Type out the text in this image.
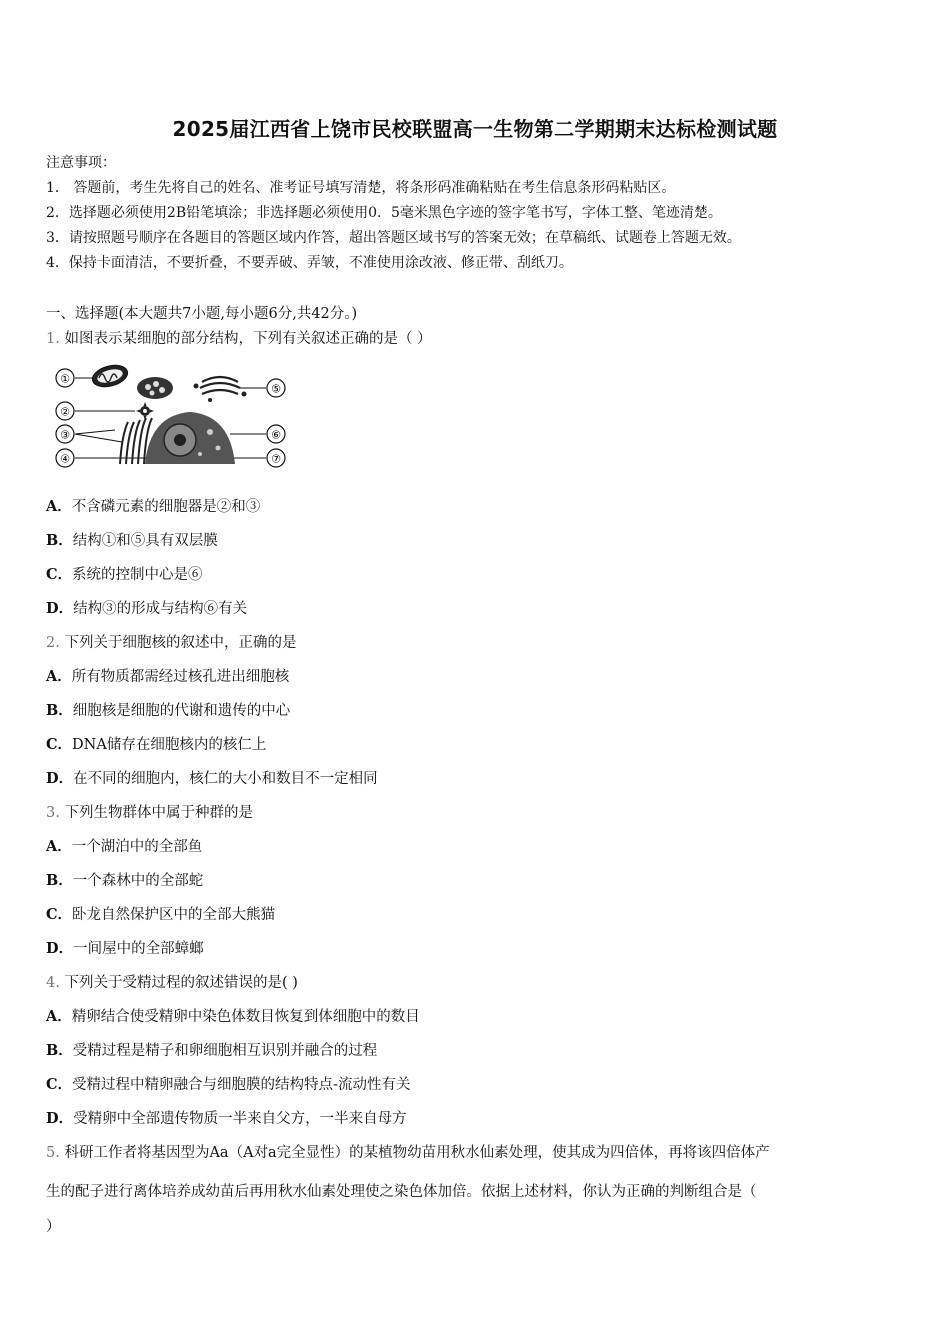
2025届江西省上饶市民校联盟高一生物第二学期期末达标检测试题
注意事项：
1． 答题前，考生先将自己的姓名、准考证号填写清楚，将条形码准确粘贴在考生信息条形码粘贴区。
2．选择题必须使用2B铅笔填涂；非选择题必须使用0．5毫米黑色字迹的签字笔书写，字体工整、笔迹清楚。
3．请按照题号顺序在各题目的答题区域内作答，超出答题区域书写的答案无效；在草稿纸、试题卷上答题无效。
4．保持卡面清洁，不要折叠，不要弄破、弄皱，不准使用涂改液、修正带、刮纸刀。
一、选择题(本大题共7小题,每小题6分,共42分。)
1. 如图表示某细胞的部分结构，下列有关叙述正确的是（ ）
①
②
③
④
⑤
⑥
⑦
A．不含磷元素的细胞器是②和③
B．结构①和⑤具有双层膜
C．系统的控制中心是⑥
D．结构③的形成与结构⑥有关
2. 下列关于细胞核的叙述中，正确的是
A．所有物质都需经过核孔进出细胞核
B．细胞核是细胞的代谢和遗传的中心
C．DNA储存在细胞核内的核仁上
D．在不同的细胞内，核仁的大小和数目不一定相同
3. 下列生物群体中属于种群的是
A．一个湖泊中的全部鱼
B．一个森林中的全部蛇
C．卧龙自然保护区中的全部大熊猫
D．一间屋中的全部蟑螂
4. 下列关于受精过程的叙述错误的是( )
A．精卵结合使受精卵中染色体数目恢复到体细胞中的数目
B．受精过程是精子和卵细胞相互识别并融合的过程
C．受精过程中精卵融合与细胞膜的结构特点-流动性有关
D．受精卵中全部遗传物质一半来自父方，一半来自母方
5. 科研工作者将基因型为Aa（A对a完全显性）的某植物幼苗用秋水仙素处理，使其成为四倍体，再将该四倍体产
生的配子进行离体培养成幼苗后再用秋水仙素处理使之染色体加倍。依据上述材料，你认为正确的判断组合是（
）
